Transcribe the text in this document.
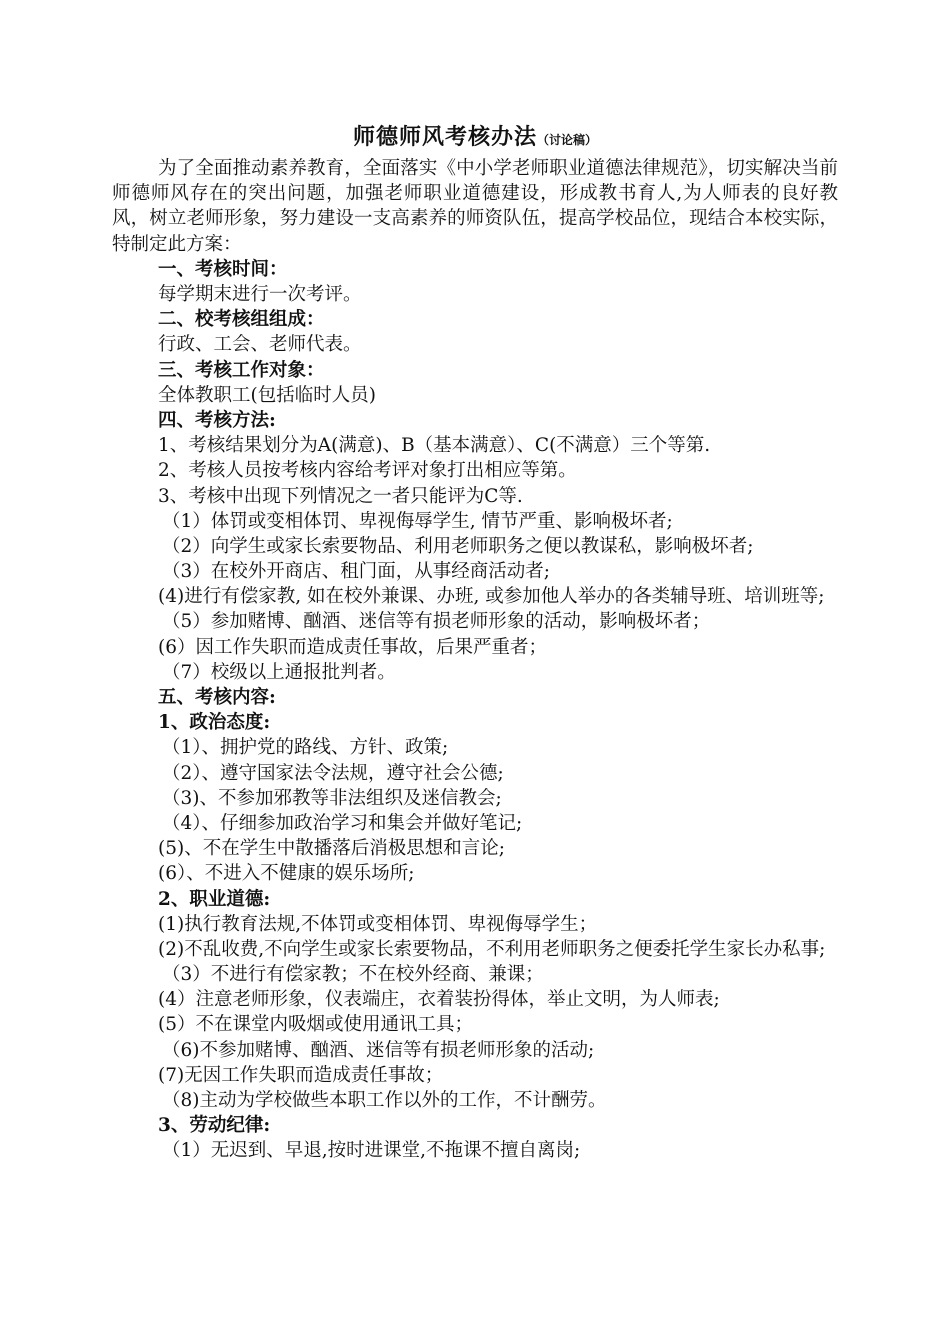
师德师风考核办法（讨论稿）
为了全面推动素养教育，全面落实《中小学老师职业道德法律规范》，切实解决当前师德师风存在的突出问题，加强老师职业道德建设，形成教书育人,为人师表的良好教风，树立老师形象，努力建设一支高素养的师资队伍，提高学校品位，现结合本校实际，特制定此方案：
一、考核时间：
每学期末进行一次考评。
二、校考核组组成：
行政、工会、老师代表。
三、考核工作对象：
全体教职工(包括临时人员)
四、考核方法:
1、考核结果划分为A(满意)、B（基本满意）、C(不满意）三个等第.
2、考核人员按考核内容给考评对象打出相应等第。
3、考核中出现下列情况之一者只能评为C等.
（1）体罚或变相体罚、卑视侮辱学生, 情节严重、影响极坏者;
（2）向学生或家长索要物品、利用老师职务之便以教谋私，影响极坏者;
（3）在校外开商店、租门面，从事经商活动者;
(4)进行有偿家教, 如在校外兼课、办班, 或参加他人举办的各类辅导班、培训班等;
（5）参加赌博、酗酒、迷信等有损老师形象的活动，影响极坏者；
(6）因工作失职而造成责任事故，后果严重者；
（7）校级以上通报批判者。
五、考核内容:
1、政治态度:
（1）、拥护党的路线、方针、政策;
（2）、遵守国家法令法规，遵守社会公德;
（3)、不参加邪教等非法组织及迷信教会;
（4）、仔细参加政治学习和集会并做好笔记;
(5)、不在学生中散播落后消极思想和言论;
(6）、不进入不健康的娱乐场所;
2、职业道德:
(1)执行教育法规,不体罚或变相体罚、卑视侮辱学生；
(2)不乱收费,不向学生或家长索要物品，不利用老师职务之便委托学生家长办私事;
（3）不进行有偿家教；不在校外经商、兼课；
(4）注意老师形象，仪表端庄，衣着装扮得体，举止文明，为人师表;
(5）不在课堂内吸烟或使用通讯工具；
（6)不参加赌博、酗酒、迷信等有损老师形象的活动;
(7)无因工作失职而造成责任事故；
（8)主动为学校做些本职工作以外的工作，不计酬劳。
3、劳动纪律:
（1）无迟到、早退,按时进课堂,不拖课不擅自离岗;
